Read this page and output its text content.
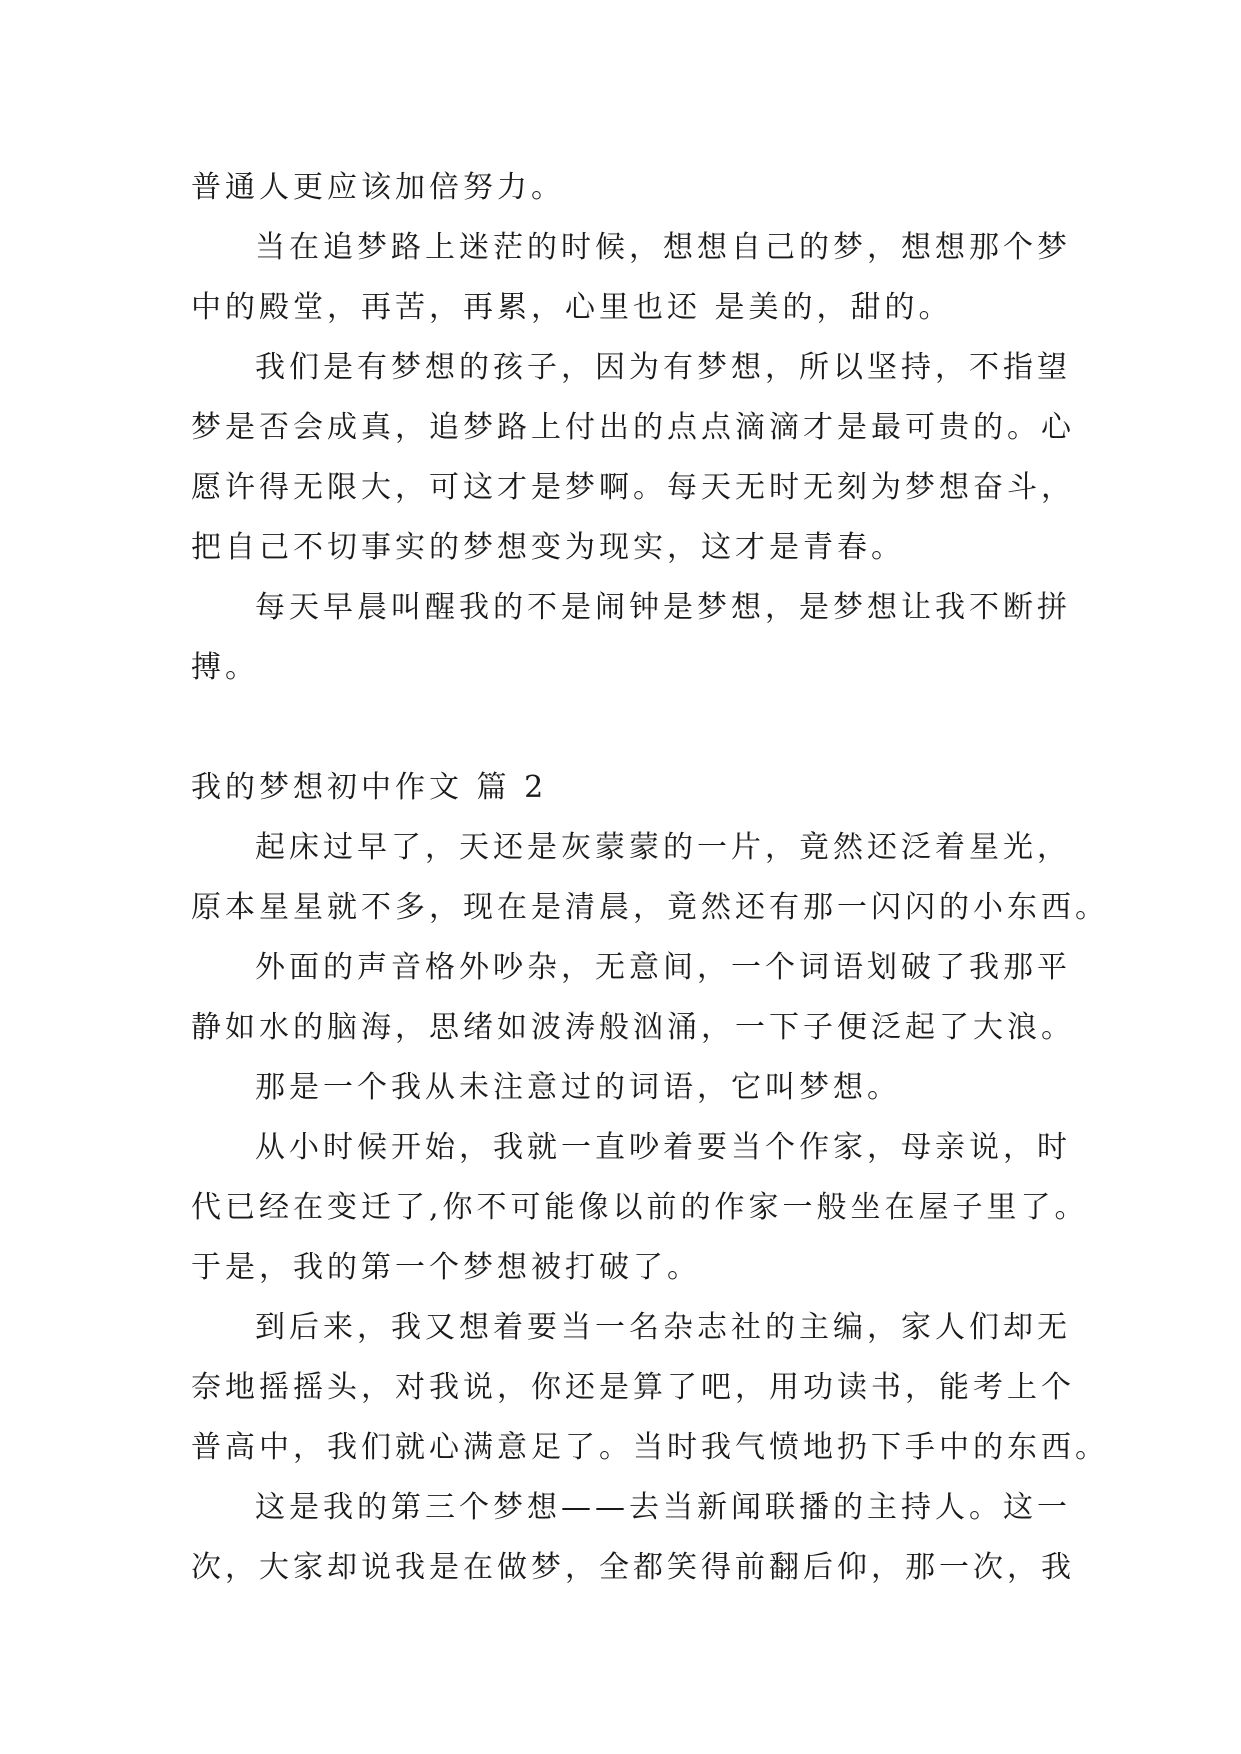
普通人更应该加倍努力。
当在追梦路上迷茫的时候，想想自己的梦，想想那个梦
中的殿堂，再苦，再累，心里也还 是美的，甜的。
我们是有梦想的孩子，因为有梦想，所以坚持，不指望
梦是否会成真，追梦路上付出的点点滴滴才是最可贵的。心
愿许得无限大，可这才是梦啊。每天无时无刻为梦想奋斗，
把自己不切事实的梦想变为现实，这才是青春。
每天早晨叫醒我的不是闹钟是梦想，是梦想让我不断拼
搏。
我的梦想初中作文 篇 2
起床过早了，天还是灰蒙蒙的一片，竟然还泛着星光，
原本星星就不多，现在是清晨，竟然还有那一闪闪的小东西。
外面的声音格外吵杂，无意间，一个词语划破了我那平
静如水的脑海，思绪如波涛般汹涌，一下子便泛起了大浪。
那是一个我从未注意过的词语，它叫梦想。
从小时候开始，我就一直吵着要当个作家，母亲说，时
代已经在变迁了,你不可能像以前的作家一般坐在屋子里了。
于是，我的第一个梦想被打破了。
到后来，我又想着要当一名杂志社的主编，家人们却无
奈地摇摇头，对我说，你还是算了吧，用功读书，能考上个
普高中，我们就心满意足了。当时我气愤地扔下手中的东西。
这是我的第三个梦想——去当新闻联播的主持人。这一
次，大家却说我是在做梦，全都笑得前翻后仰，那一次，我
